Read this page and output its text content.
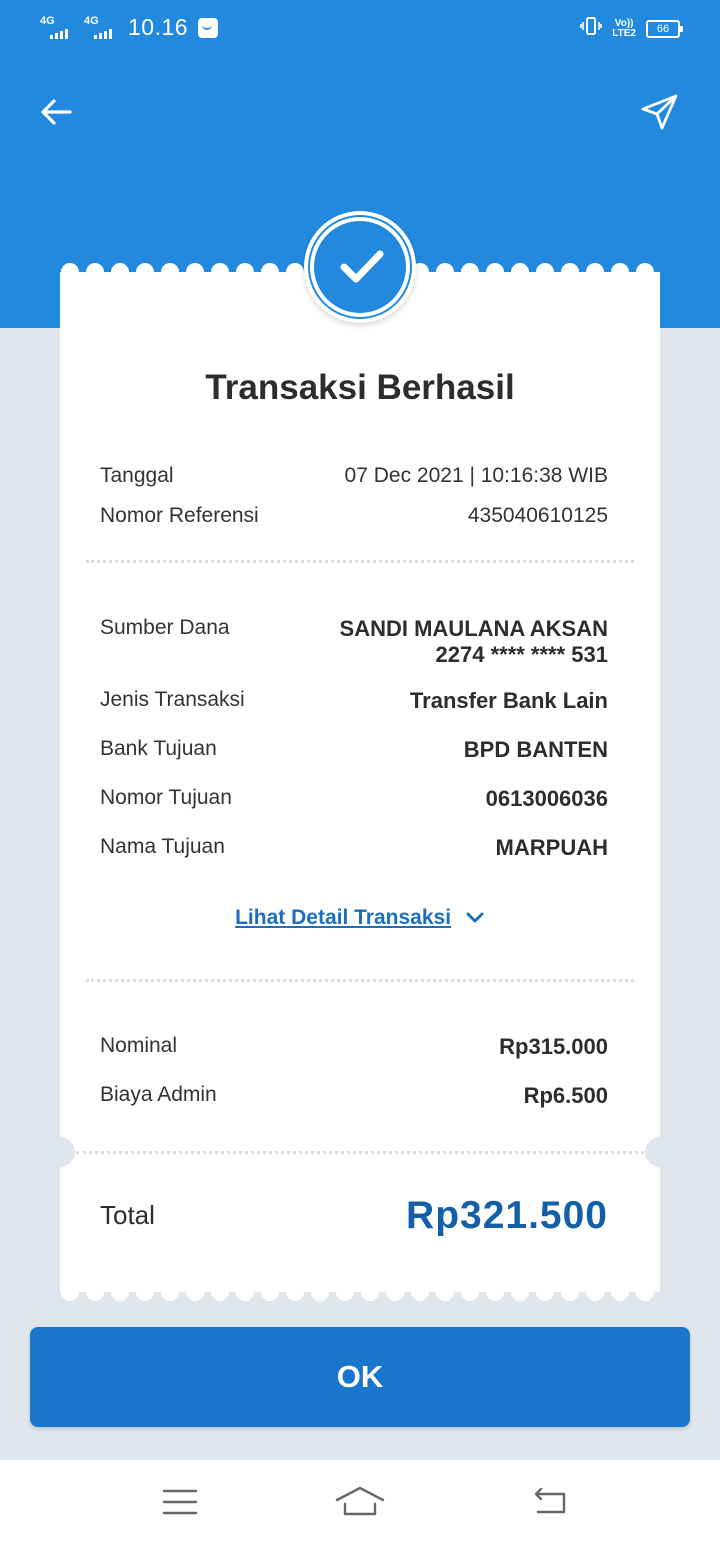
4G	4G 10.16	Vo))
LTE2	66
Transaksi Berhasil
Tanggal	07 Dec 2021 | 10:16:38 WIB
Nomor Referensi	435040610125
Sumber Dana	SANDI MAULANA AKSAN
2274 **** **** 531
Jenis Transaksi	Transfer Bank Lain
Bank Tujuan	BPD BANTEN
Nomor Tujuan	0613006036
Nama Tujuan	MARPUAH
Lihat Detail Transaksi
Nominal	Rp315.000
Biaya Admin	Rp6.500
Total	Rp321.500
OK
